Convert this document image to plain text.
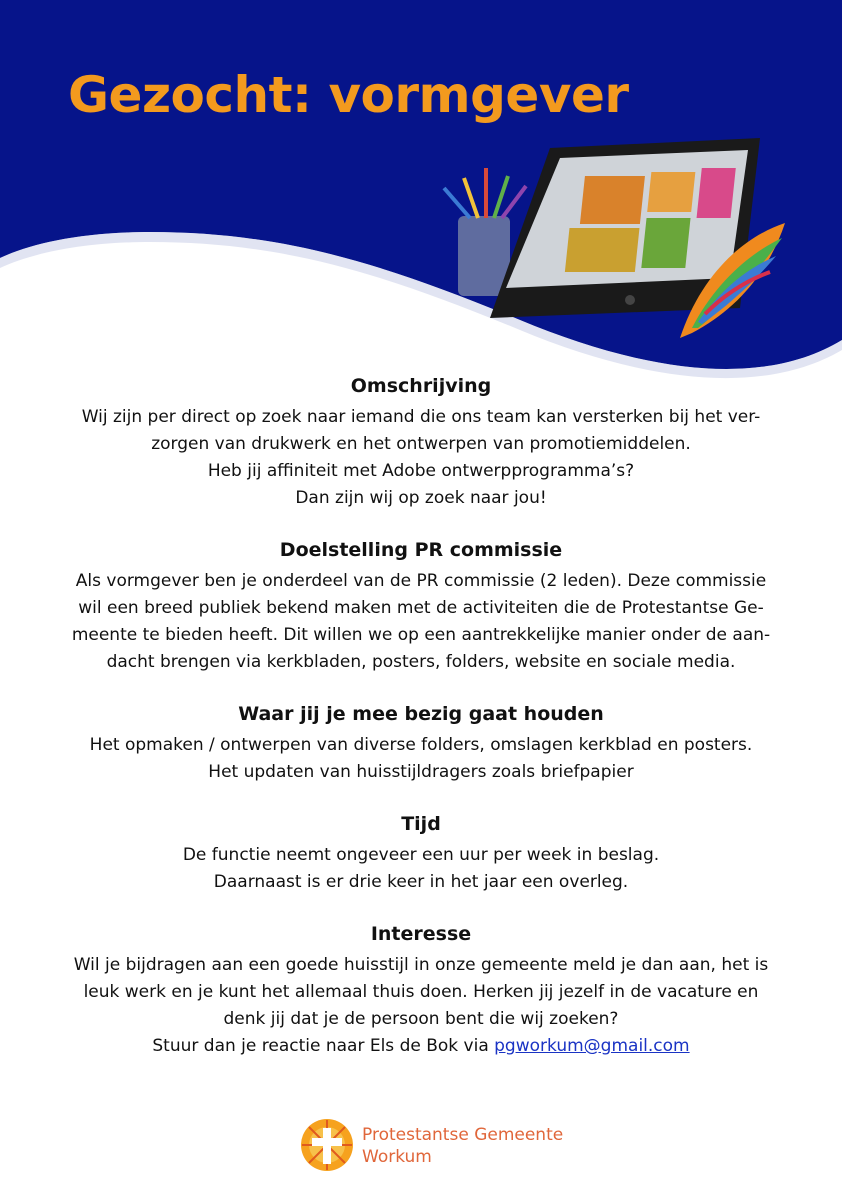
Gezocht: vormgever
Omschrijving

Wij zijn per direct op zoek naar iemand die ons team kan versterken bij het ver-
zorgen van drukwerk en het ontwerpen van promotiemiddelen.
Heb jij affiniteit met Adobe ontwerpprogramma’s?
Dan zijn wij op zoek naar jou!

Doelstelling PR commissie

Als vormgever ben je onderdeel van de PR commissie (2 leden). Deze commissie
wil een breed publiek bekend maken met de activiteiten die de Protestantse Ge-
meente te bieden heeft. Dit willen we op een aantrekkelijke manier onder de aan-
dacht brengen via kerkbladen, posters, folders, website en sociale media.

Waar jij je mee bezig gaat houden

Het opmaken / ontwerpen van diverse folders, omslagen kerkblad en posters.
Het updaten van huisstijldragers zoals briefpapier

Tijd

De functie neemt ongeveer een uur per week in beslag.
Daarnaast is er drie keer in het jaar een overleg.

Interesse

Wil je bijdragen aan een goede huisstijl in onze gemeente meld je dan aan, het is
leuk werk en je kunt het allemaal thuis doen. Herken jij jezelf in de vacature en
denk jij dat je de persoon bent die wij zoeken?
Stuur dan je reactie naar Els de Bok via pgworkum@gmail.com

Protestantse Gemeente
Workum
